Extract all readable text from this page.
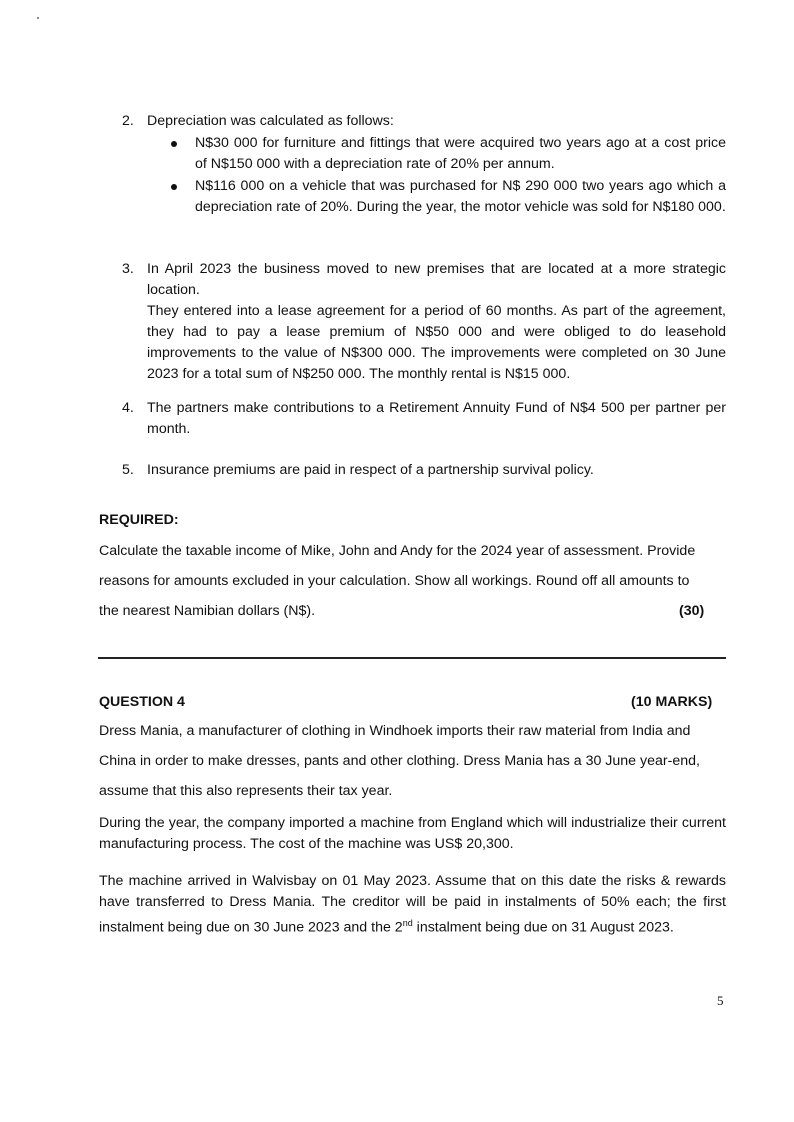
2. Depreciation was calculated as follows:
N$30 000 for furniture and fittings that were acquired two years ago at a cost price of N$150 000 with a depreciation rate of 20% per annum.
N$116 000 on a vehicle that was purchased for N$ 290 000 two years ago which a depreciation rate of 20%. During the year, the motor vehicle was sold for N$180 000.
3. In April 2023 the business moved to new premises that are located at a more strategic location.
They entered into a lease agreement for a period of 60 months. As part of the agreement, they had to pay a lease premium of N$50 000 and were obliged to do leasehold improvements to the value of N$300 000. The improvements were completed on 30 June 2023 for a total sum of N$250 000. The monthly rental is N$15 000.
4. The partners make contributions to a Retirement Annuity Fund of N$4 500 per partner per month.
5. Insurance premiums are paid in respect of a partnership survival policy.
REQUIRED:
Calculate the taxable income of Mike, John and Andy for the 2024 year of assessment. Provide
reasons for amounts excluded in your calculation. Show all workings. Round off all amounts to
the nearest Namibian dollars (N$).	(30)
QUESTION 4	(10 MARKS)
Dress Mania, a manufacturer of clothing in Windhoek imports their raw material from India and
China in order to make dresses, pants and other clothing. Dress Mania has a 30 June year-end,
assume that this also represents their tax year.
During the year, the company imported a machine from England which will industrialize their current manufacturing process. The cost of the machine was US$ 20,300.
The machine arrived in Walvisbay on 01 May 2023. Assume that on this date the risks & rewards have transferred to Dress Mania. The creditor will be paid in instalments of 50% each; the first instalment being due on 30 June 2023 and the 2nd instalment being due on 31 August 2023.
5
